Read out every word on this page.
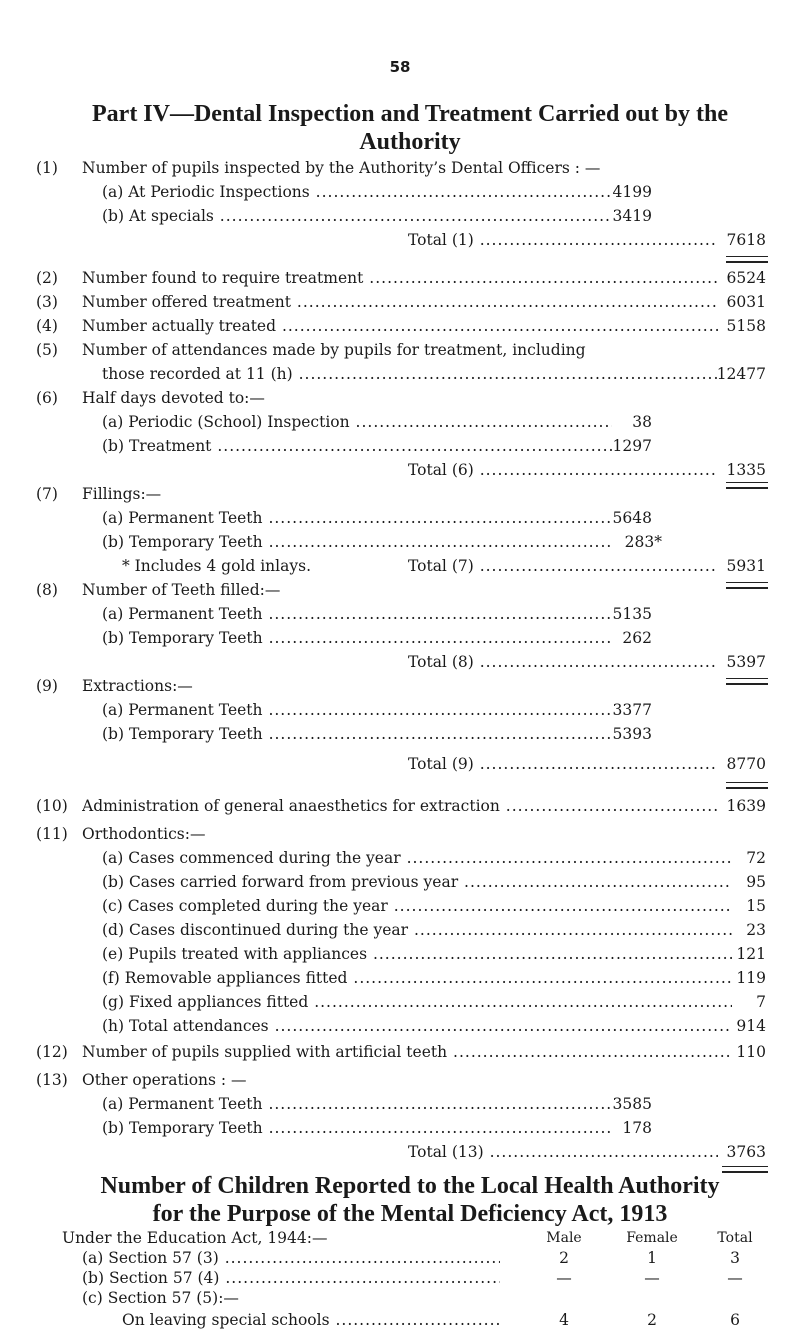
58
Part IV—Dental Inspection and Treatment Carried out by the
Authority
(1) Number of pupils inspected by the Authority’s Dental Officers : —
(a) At Periodic Inspections .....	4199
(b) At specials .....	3419
Total (1) .....	7618
(2) Number found to require treatment .....	6524
(3) Number offered treatment .....	6031
(4) Number actually treated .....	5158
(5) Number of attendances made by pupils for treatment, including
those recorded at 11 (h) .....	12477
(6) Half days devoted to:—
(a) Periodic (School) Inspection .....	38
(b) Treatment .....	1297
Total (6) .....	1335
(7) Fillings:—
(a) Permanent Teeth .....	5648
(b) Temporary Teeth .....	283*
* Includes 4 gold inlays.	Total (7) .....	5931
(8) Number of Teeth filled:—
(a) Permanent Teeth .....	5135
(b) Temporary Teeth .....	262
Total (8) .....	5397
(9) Extractions:—
(a) Permanent Teeth .....	3377
(b) Temporary Teeth .....	5393
Total (9) .....	8770
(10) Administration of general anaesthetics for extraction .....	1639
(11) Orthodontics:—
(a) Cases commenced during the year .....	72
(b) Cases carried forward from previous year .....	95
(c) Cases completed during the year .....	15
(d) Cases discontinued during the year .....	23
(e) Pupils treated with appliances .....	121
(f) Removable appliances fitted .....	119
(g) Fixed appliances fitted .....	7
(h) Total attendances .....	914
(12) Number of pupils supplied with artificial teeth .....	110
(13) Other operations : —
(a) Permanent Teeth .....	3585
(b) Temporary Teeth .....	178
Total (13) .....	3763
Number of Children Reported to the Local Health Authority
for the Purpose of the Mental Deficiency Act, 1913
Under the Education Act, 1944:—	Male	Female	Total
(a) Section 57 (3) .....	2	1	3
(b) Section 57 (4) .....	—	—	—
(c) Section 57 (5):—
On leaving special schools .....	4	2	6
